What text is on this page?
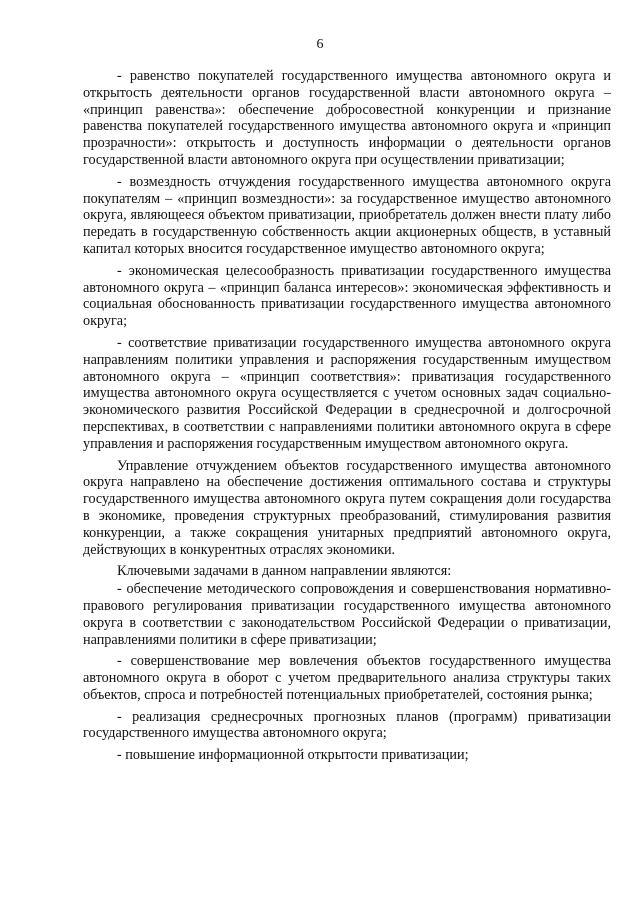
6

- равенство покупателей государственного имущества автономного округа и открытость деятельности органов государственной власти автономного округа – «принцип равенства»: обеспечение добросовестной конкуренции и признание равенства покупателей государственного имущества автономного округа и «принцип прозрачности»: открытость и доступность информации о деятельности органов государственной власти автономного округа при осуществлении приватизации;

- возмездность отчуждения государственного имущества автономного округа покупателям – «принцип возмездности»: за государственное имущество автономного округа, являющееся объектом приватизации, приобретатель должен внести плату либо передать в государственную собственность акции акционерных обществ, в уставный капитал которых вносится государственное имущество автономного округа;

- экономическая целесообразность приватизации государственного имущества автономного округа – «принцип баланса интересов»: экономическая эффективность и социальная обоснованность приватизации государственного имущества автономного округа;

- соответствие приватизации государственного имущества автономного округа направлениям политики управления и распоряжения государственным имуществом автономного округа – «принцип соответствия»: приватизация государственного имущества автономного округа осуществляется с учетом основных задач социально-экономического развития Российской Федерации в среднесрочной и долгосрочной перспективах, в соответствии с направлениями политики автономного округа в сфере управления и распоряжения государственным имуществом автономного округа.

Управление отчуждением объектов государственного имущества автономного округа направлено на обеспечение достижения оптимального состава и структуры государственного имущества автономного округа путем сокращения доли государства в экономике, проведения структурных преобразований, стимулирования развития конкуренции, а также сокращения унитарных предприятий автономного округа, действующих в конкурентных отраслях экономики.

Ключевыми задачами в данном направлении являются:

- обеспечение методического сопровождения и совершенствования нормативно-правового регулирования приватизации государственного имущества автономного округа в соответствии с законодательством Российской Федерации о приватизации, направлениями политики в сфере приватизации;

- совершенствование мер вовлечения объектов государственного имущества автономного округа в оборот с учетом предварительного анализа структуры таких объектов, спроса и потребностей потенциальных приобретателей, состояния рынка;

- реализация среднесрочных прогнозных планов (программ) приватизации государственного имущества автономного округа;

- повышение информационной открытости приватизации;
